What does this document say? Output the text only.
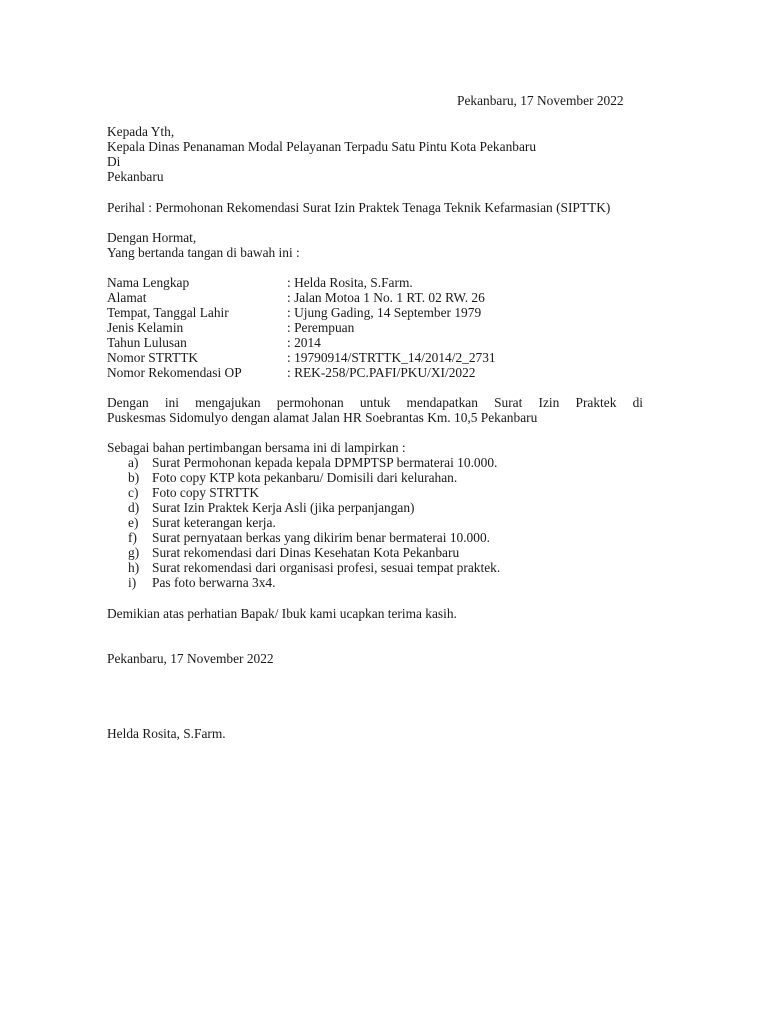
Pekanbaru, 17 November 2022
Kepada Yth,
Kepala Dinas Penanaman Modal Pelayanan Terpadu Satu Pintu Kota Pekanbaru
Di
Pekanbaru
Perihal : Permohonan Rekomendasi Surat Izin Praktek Tenaga Teknik Kefarmasian (SIPTTK)
Dengan Hormat,
Yang bertanda tangan di bawah ini :
Nama Lengkap	: Helda Rosita, S.Farm.
Alamat	: Jalan Motoa 1 No. 1 RT. 02 RW. 26
Tempat, Tanggal Lahir	: Ujung Gading, 14 September 1979
Jenis Kelamin	: Perempuan
Tahun Lulusan	: 2014
Nomor STRTTK	: 19790914/STRTTK_14/2014/2_2731
Nomor Rekomendasi OP	: REK-258/PC.PAFI/PKU/XI/2022
Dengan ini mengajukan permohonan untuk mendapatkan Surat Izin Praktek di
Puskesmas Sidomulyo dengan alamat Jalan HR Soebrantas Km. 10,5 Pekanbaru
Sebagai bahan pertimbangan bersama ini di lampirkan :
a) Surat Permohonan kepada kepala DPMPTSP bermaterai 10.000.
b) Foto copy KTP kota pekanbaru/ Domisili dari kelurahan.
c) Foto copy STRTTK
d) Surat Izin Praktek Kerja Asli (jika perpanjangan)
e) Surat keterangan kerja.
f) Surat pernyataan berkas yang dikirim benar bermaterai 10.000.
g) Surat rekomendasi dari Dinas Kesehatan Kota Pekanbaru
h) Surat rekomendasi dari organisasi profesi, sesuai tempat praktek.
i) Pas foto berwarna 3x4.
Demikian atas perhatian Bapak/ Ibuk kami ucapkan terima kasih.
Pekanbaru, 17 November 2022
Helda Rosita, S.Farm.
